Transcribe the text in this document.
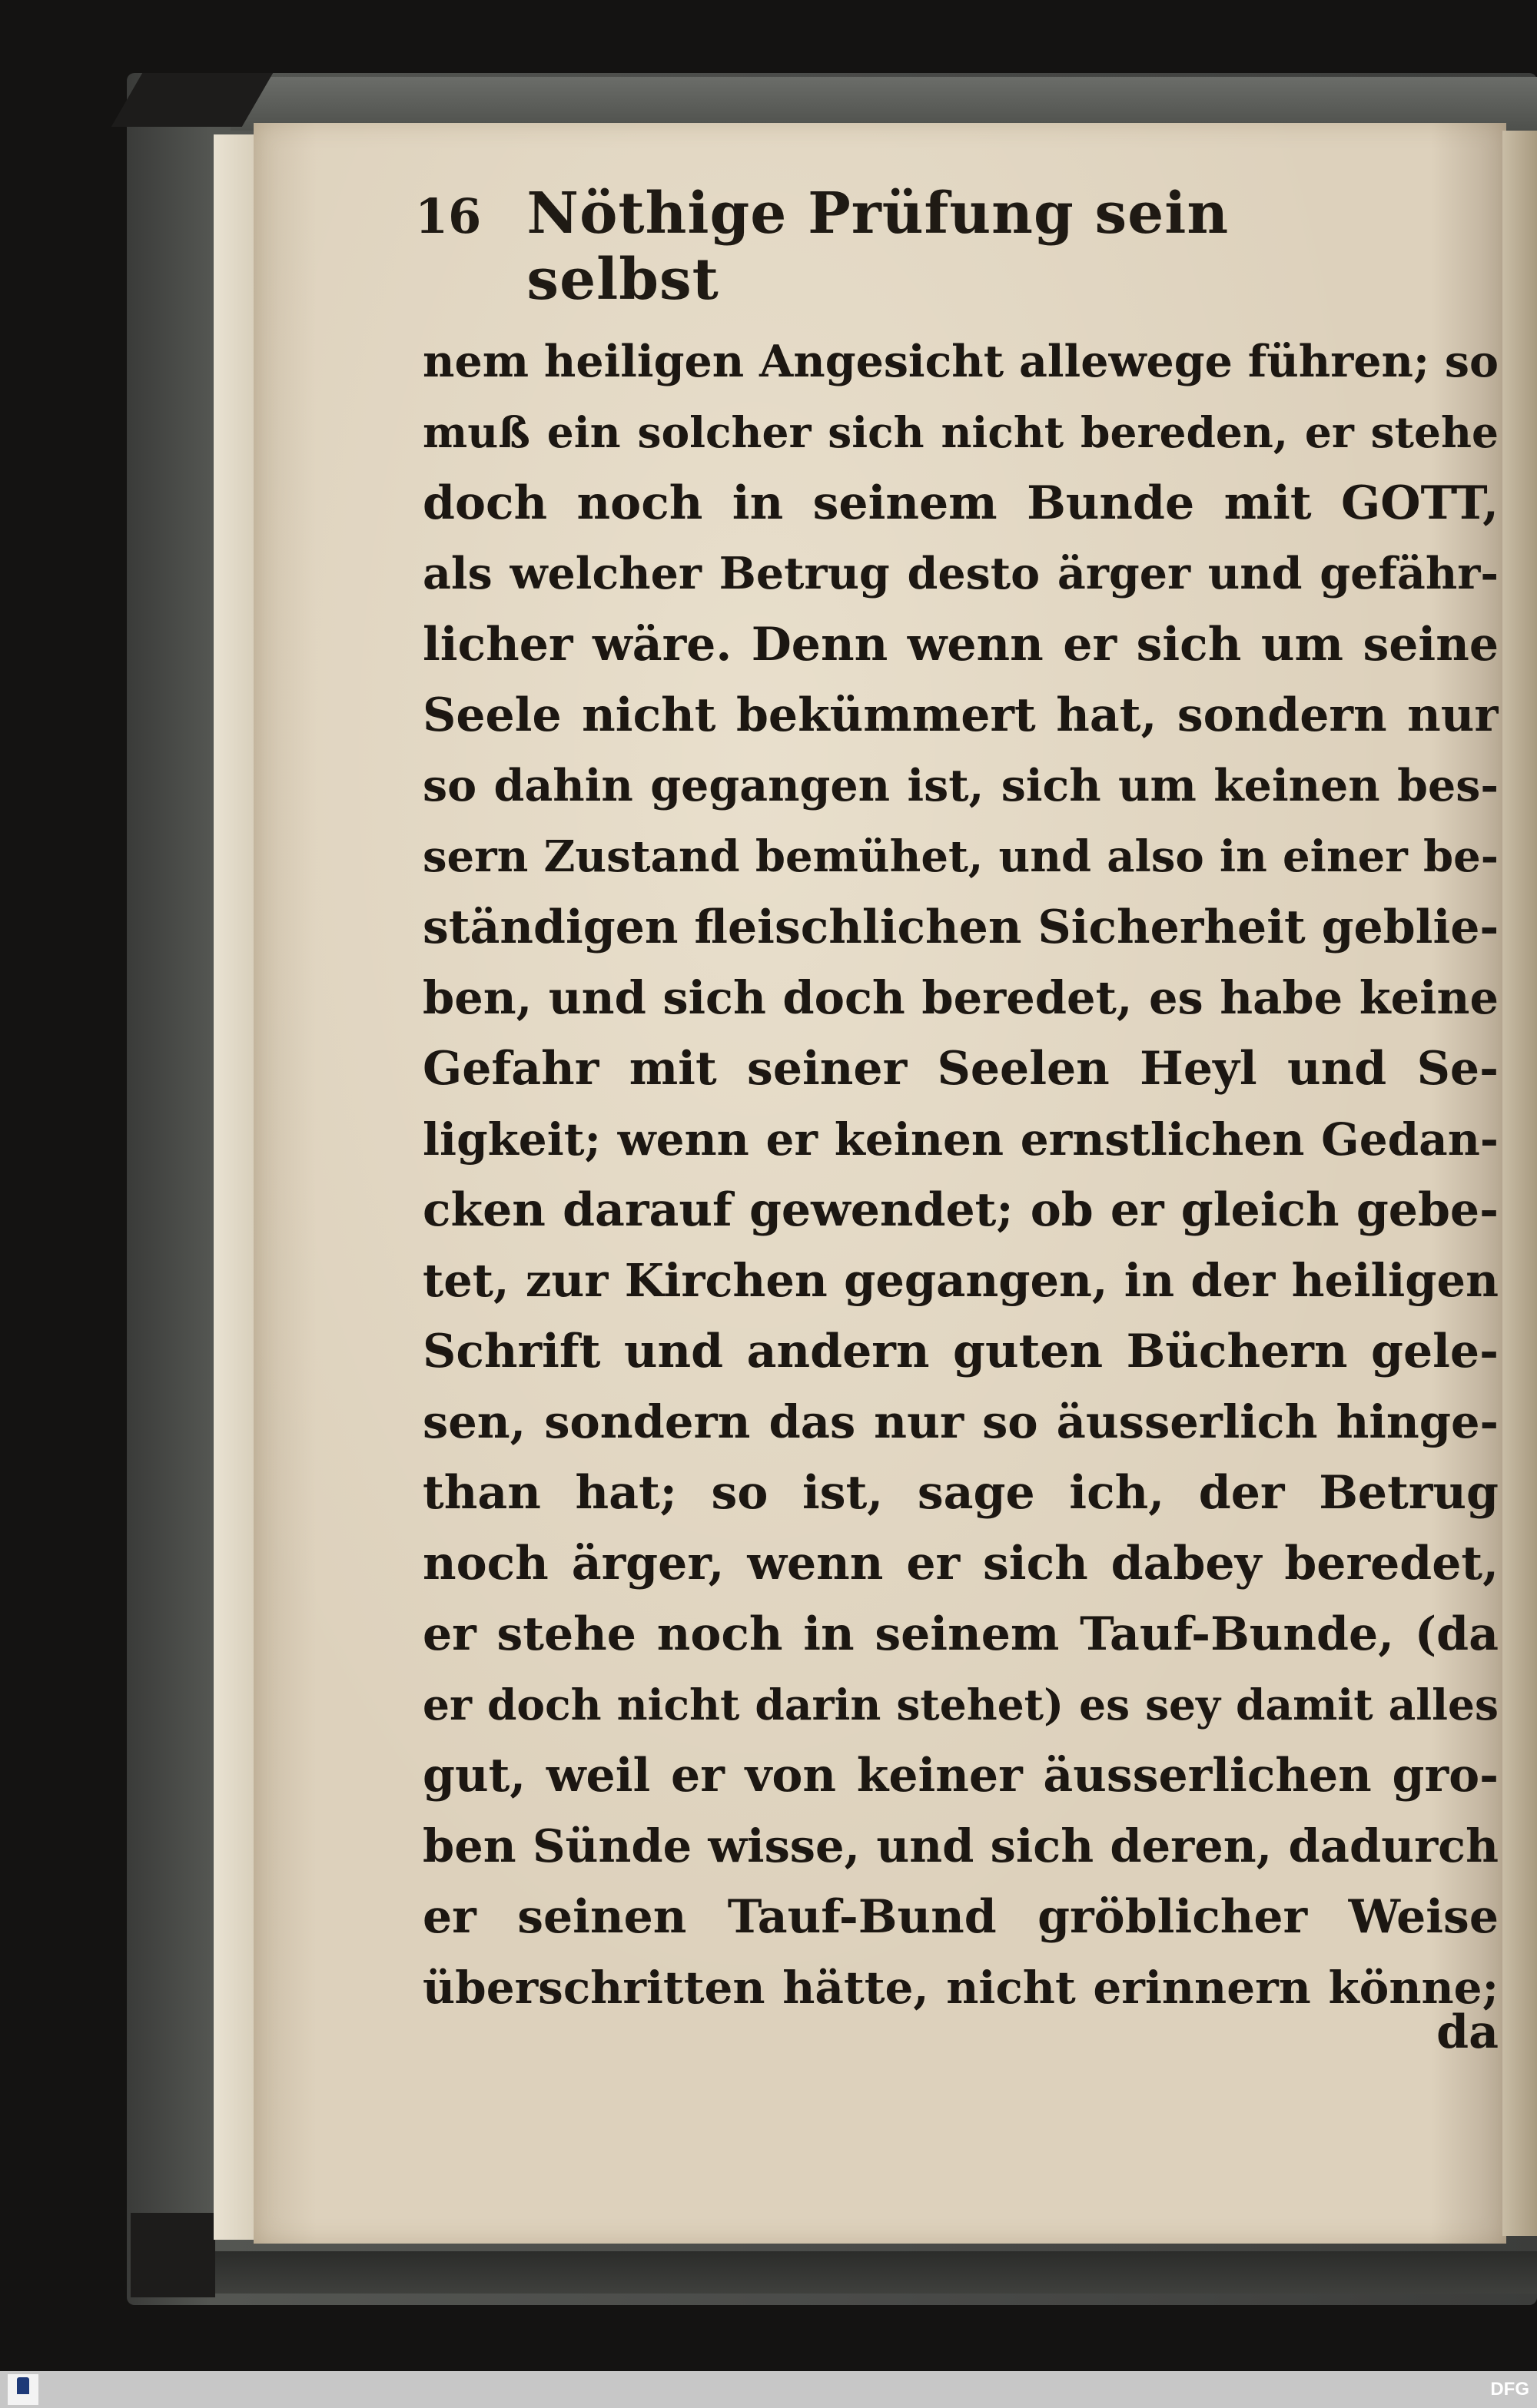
16 Nöthige Prüfung sein selbst
nem heiligen Angesicht allewege führen; so
muß ein solcher sich nicht bereden, er stehe
doch noch in seinem Bunde mit GOTT,
als welcher Betrug desto ärger und gefähr-
licher wäre. Denn wenn er sich um seine
Seele nicht bekümmert hat, sondern nur
so dahin gegangen ist, sich um keinen bes-
sern Zustand bemühet, und also in einer be-
ständigen fleischlichen Sicherheit geblie-
ben, und sich doch beredet, es habe keine
Gefahr mit seiner Seelen Heyl und Se-
ligkeit; wenn er keinen ernstlichen Gedan-
cken darauf gewendet; ob er gleich gebe-
tet, zur Kirchen gegangen, in der heiligen
Schrift und andern guten Büchern gele-
sen, sondern das nur so äusserlich hinge-
than hat; so ist, sage ich, der Betrug
noch ärger, wenn er sich dabey beredet,
er stehe noch in seinem Tauf-Bunde, (da
er doch nicht darin stehet) es sey damit alles
gut, weil er von keiner äusserlichen gro-
ben Sünde wisse, und sich deren, dadurch
er seinen Tauf-Bund gröblicher Weise
überschritten hätte, nicht erinnern könne;
da
DFG
